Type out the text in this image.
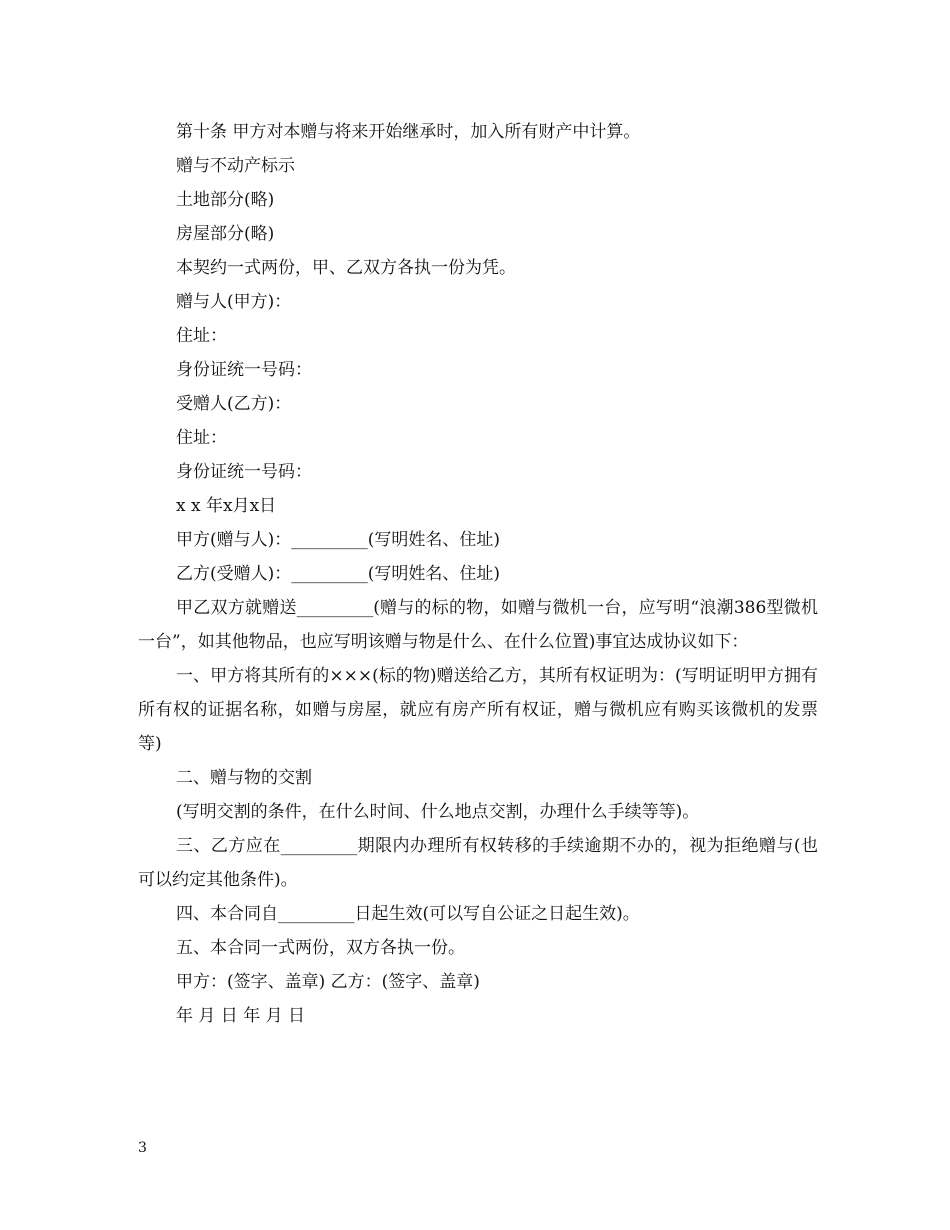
第十条 甲方对本赠与将来开始继承时，加入所有财产中计算。

赠与不动产标示

土地部分(略)

房屋部分(略)

本契约一式两份，甲、乙双方各执一份为凭。

赠与人(甲方)：

住址：

身份证统一号码：

受赠人(乙方)：

住址：

身份证统一号码：

x x 年x月x日

甲方(赠与人)：_________(写明姓名、住址)

乙方(受赠人)：_________(写明姓名、住址)

甲乙双方就赠送_________(赠与的标的物，如赠与微机一台，应写明“浪潮386型微机一台”，如其他物品，也应写明该赠与物是什么、在什么位置)事宜达成协议如下：

一、甲方将其所有的×××(标的物)赠送给乙方，其所有权证明为：(写明证明甲方拥有所有权的证据名称，如赠与房屋，就应有房产所有权证，赠与微机应有购买该微机的发票等)

二、赠与物的交割

(写明交割的条件，在什么时间、什么地点交割，办理什么手续等等)。

三、乙方应在_________期限内办理所有权转移的手续逾期不办的，视为拒绝赠与(也可以约定其他条件)。

四、本合同自_________日起生效(可以写自公证之日起生效)。

五、本合同一式两份，双方各执一份。

甲方：(签字、盖章) 乙方：(签字、盖章)

年 月 日 年 月 日

3
